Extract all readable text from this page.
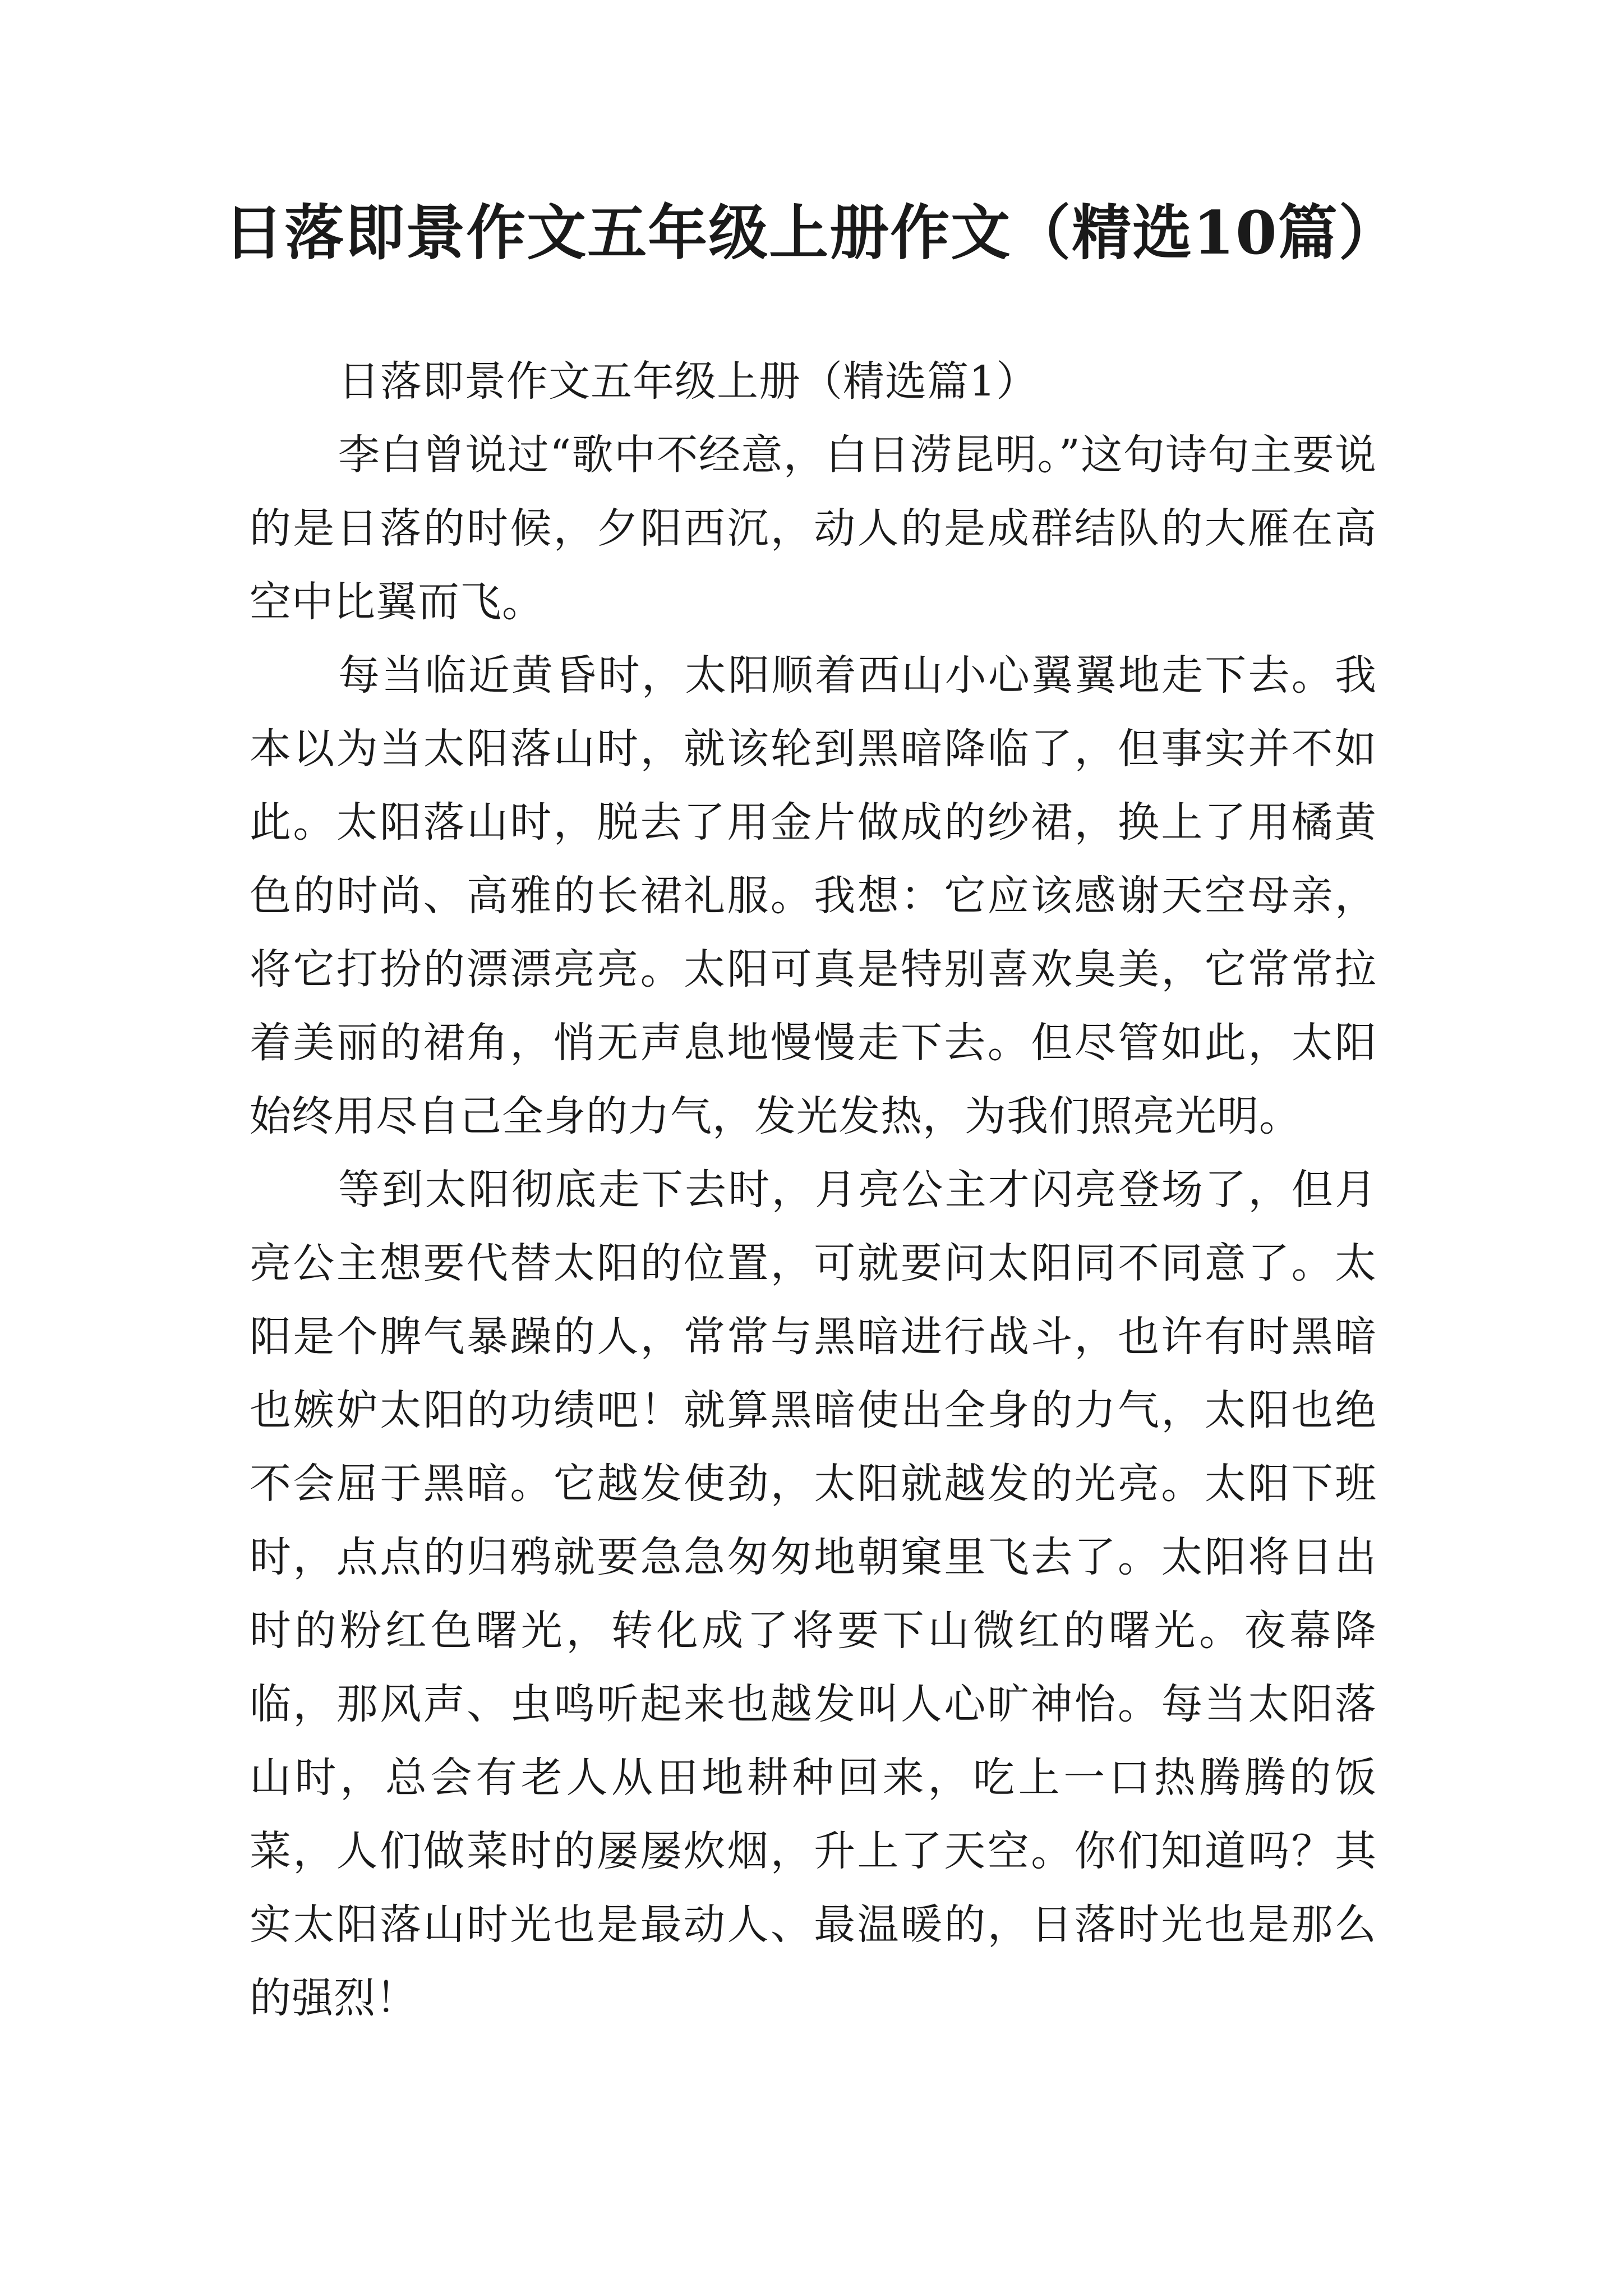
日落即景作文五年级上册作文（精选10篇）

日落即景作文五年级上册（精选篇1）

李白曾说过“歌中不经意，白日涝昆明。”这句诗句主要说的是日落的时候，夕阳西沉，动人的是成群结队的大雁在高空中比翼而飞。

每当临近黄昏时，太阳顺着西山小心翼翼地走下去。我本以为当太阳落山时，就该轮到黑暗降临了，但事实并不如此。太阳落山时，脱去了用金片做成的纱裙，换上了用橘黄色的时尚、高雅的长裙礼服。我想：它应该感谢天空母亲，将它打扮的漂漂亮亮。太阳可真是特别喜欢臭美，它常常拉着美丽的裙角，悄无声息地慢慢走下去。但尽管如此，太阳始终用尽自己全身的力气，发光发热，为我们照亮光明。

等到太阳彻底走下去时，月亮公主才闪亮登场了，但月亮公主想要代替太阳的位置，可就要问太阳同不同意了。太阳是个脾气暴躁的人，常常与黑暗进行战斗，也许有时黑暗也嫉妒太阳的功绩吧！就算黑暗使出全身的力气，太阳也绝不会屈于黑暗。它越发使劲，太阳就越发的光亮。太阳下班时，点点的归鸦就要急急匆匆地朝窠里飞去了。太阳将日出时的粉红色曙光，转化成了将要下山微红的曙光。夜幕降临，那风声、虫鸣听起来也越发叫人心旷神怡。每当太阳落山时，总会有老人从田地耕种回来，吃上一口热腾腾的饭菜，人们做菜时的屡屡炊烟，升上了天空。你们知道吗？其实太阳落山时光也是最动人、最温暖的，日落时光也是那么的强烈！
